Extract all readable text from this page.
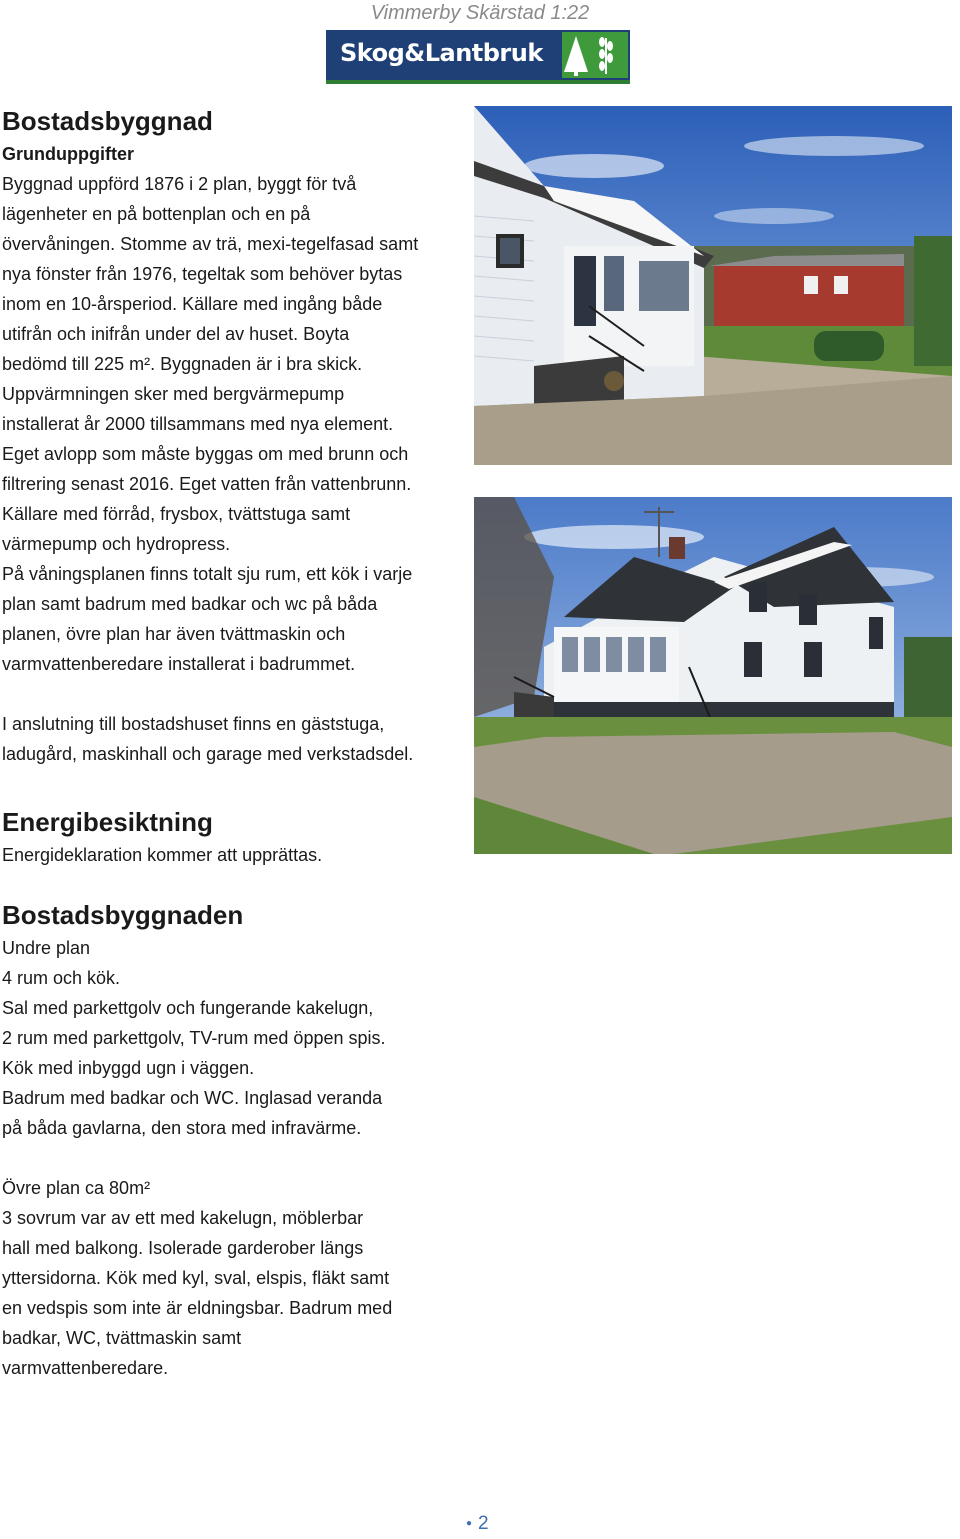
Vimmerby Skärstad 1:22
Skog&Lantbruk
Bostadsbyggnad
Grunduppgifter

Byggnad uppförd 1876 i 2 plan, byggt för två

lägenheter en på bottenplan och en på

övervåningen. Stomme av trä, mexi-tegelfasad samt

nya fönster från 1976, tegeltak som behöver bytas

inom en 10-årsperiod. Källare med ingång både

utifrån och inifrån under del av huset. Boyta

bedömd till 225 m². Byggnaden är i bra skick.

Uppvärmningen sker med bergvärmepump

installerat år 2000 tillsammans med nya element.

Eget avlopp som måste byggas om med brunn och

filtrering senast 2016. Eget vatten från vattenbrunn.

Källare med förråd, frysbox, tvättstuga samt

värmepump och hydropress.

På våningsplanen finns totalt sju rum, ett kök i varje

plan samt badrum med badkar och wc på båda

planen, övre plan har även tvättmaskin och

varmvattenberedare installerat i badrummet.

I anslutning till bostadshuset finns en gäststuga,

ladugård, maskinhall och garage med verkstadsdel.

Energibesiktning

Energideklaration kommer att upprättas.

Bostadsbyggnaden

Undre plan

4 rum och kök.

Sal med parkettgolv och fungerande kakelugn,

2 rum med parkettgolv, TV-rum med öppen spis.

Kök med inbyggd ugn i väggen.

Badrum med badkar och WC. Inglasad veranda

på båda gavlarna, den stora med infravärme.

Övre plan ca 80m²

3 sovrum var av ett med kakelugn, möblerbar

hall med balkong. Isolerade garderober längs

yttersidorna. Kök med kyl, sval, elspis, fläkt samt

en vedspis som inte är eldningsbar. Badrum med

badkar, WC, tvättmaskin samt

varmvattenberedare.

● 2
